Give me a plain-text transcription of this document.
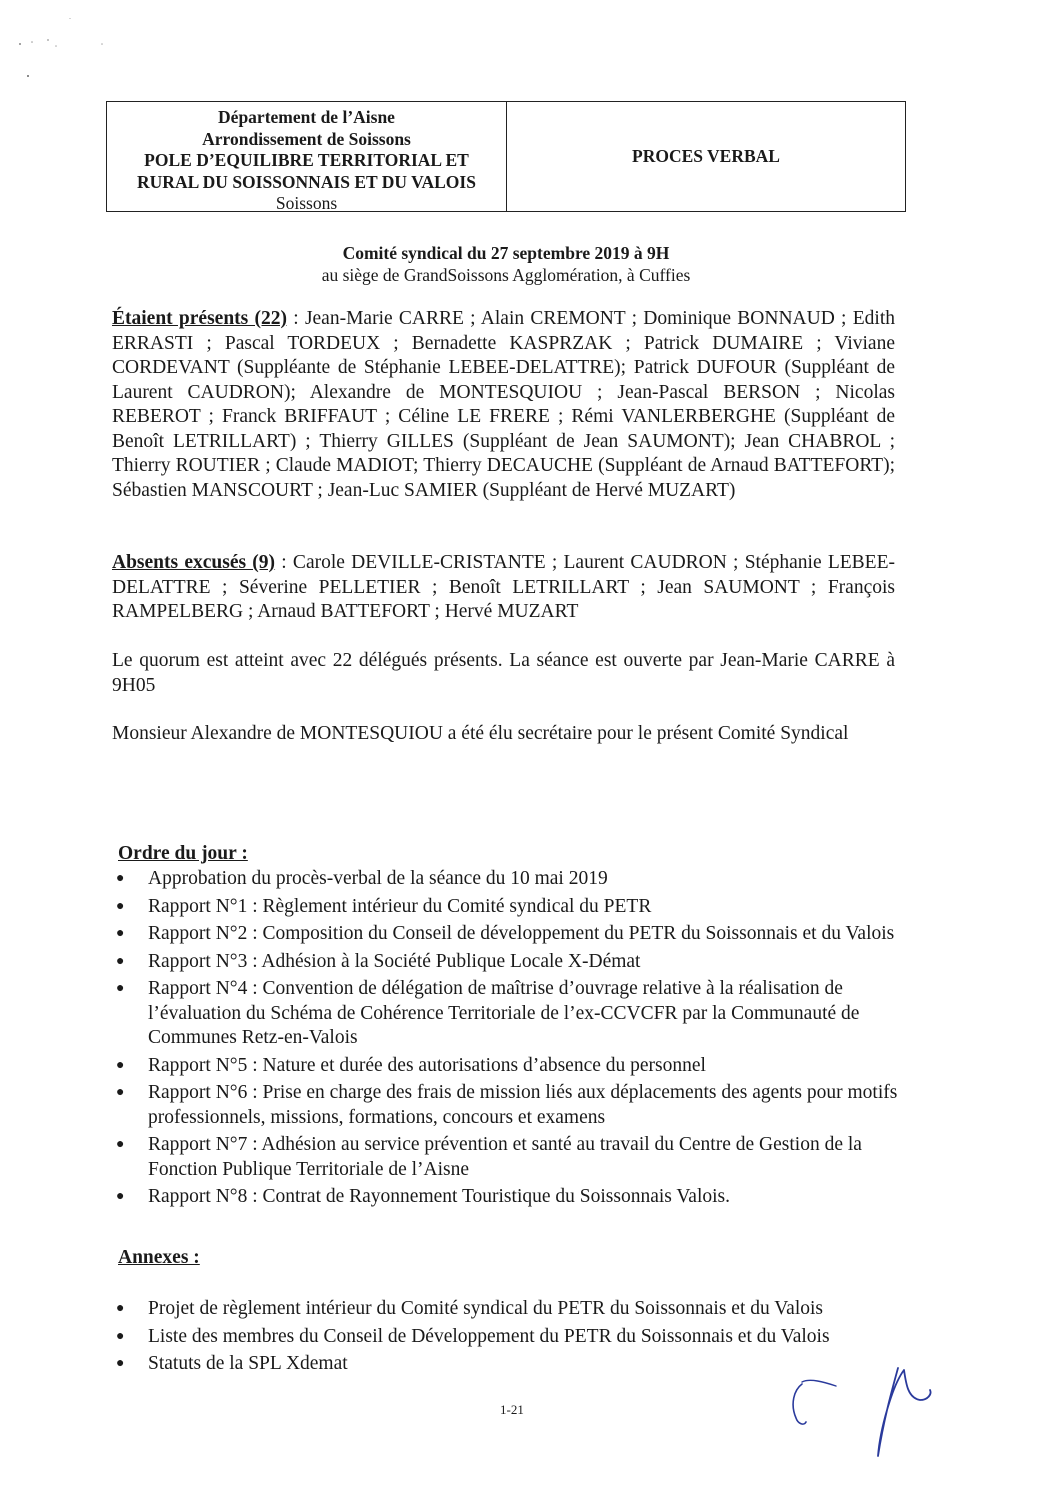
Département de l’Aisne
Arrondissement de Soissons
POLE D’EQUILIBRE TERRITORIAL ET
RURAL DU SOISSONNAIS ET DU VALOIS
Soissons
PROCES VERBAL
Comité syndical du 27 septembre 2019 à 9H
au siège de GrandSoissons Agglomération, à Cuffies
Étaient présents (22) : Jean-Marie CARRE ; Alain CREMONT ; Dominique BONNAUD ; Edith ERRASTI ; Pascal TORDEUX ; Bernadette KASPRZAK ; Patrick DUMAIRE ; Viviane CORDEVANT (Suppléante de Stéphanie LEBEE-DELATTRE); Patrick DUFOUR (Suppléant de Laurent CAUDRON); Alexandre de MONTESQUIOU ; Jean-Pascal BERSON ; Nicolas REBEROT ; Franck BRIFFAUT ; Céline LE FRERE ; Rémi VANLERBERGHE (Suppléant de Benoît LETRILLART) ; Thierry GILLES (Suppléant de Jean SAUMONT); Jean CHABROL ; Thierry ROUTIER ; Claude MADIOT; Thierry DECAUCHE (Suppléant de Arnaud BATTEFORT); Sébastien MANSCOURT ; Jean-Luc SAMIER (Suppléant de Hervé MUZART)
Absents excusés (9) : Carole DEVILLE-CRISTANTE ; Laurent CAUDRON ; Stéphanie LEBEE-DELATTRE ; Séverine PELLETIER ; Benoît LETRILLART ; Jean SAUMONT ; François RAMPELBERG ; Arnaud BATTEFORT ; Hervé MUZART
Le quorum est atteint avec 22 délégués présents. La séance est ouverte par Jean-Marie CARRE à 9H05
Monsieur Alexandre de MONTESQUIOU a été élu secrétaire pour le présent Comité Syndical
Ordre du jour :
● Approbation du procès-verbal de la séance du 10 mai 2019
● Rapport N°1 : Règlement intérieur du Comité syndical du PETR
● Rapport N°2 : Composition du Conseil de développement du PETR du Soissonnais et du Valois
● Rapport N°3 : Adhésion à la Société Publique Locale X-Démat
● Rapport N°4 : Convention de délégation de maîtrise d’ouvrage relative à la réalisation de l’évaluation du Schéma de Cohérence Territoriale de l’ex-CCVCFR par la Communauté de Communes Retz-en-Valois
● Rapport N°5 : Nature et durée des autorisations d’absence du personnel
● Rapport N°6 : Prise en charge des frais de mission liés aux déplacements des agents pour motifs professionnels, missions, formations, concours et examens
● Rapport N°7 : Adhésion au service prévention et santé au travail du Centre de Gestion de la Fonction Publique Territoriale de l’Aisne
● Rapport N°8 : Contrat de Rayonnement Touristique du Soissonnais Valois.
Annexes :
● Projet de règlement intérieur du Comité syndical du PETR du Soissonnais et du Valois
● Liste des membres du Conseil de Développement du PETR du Soissonnais et du Valois
● Statuts de la SPL Xdemat
1-21
